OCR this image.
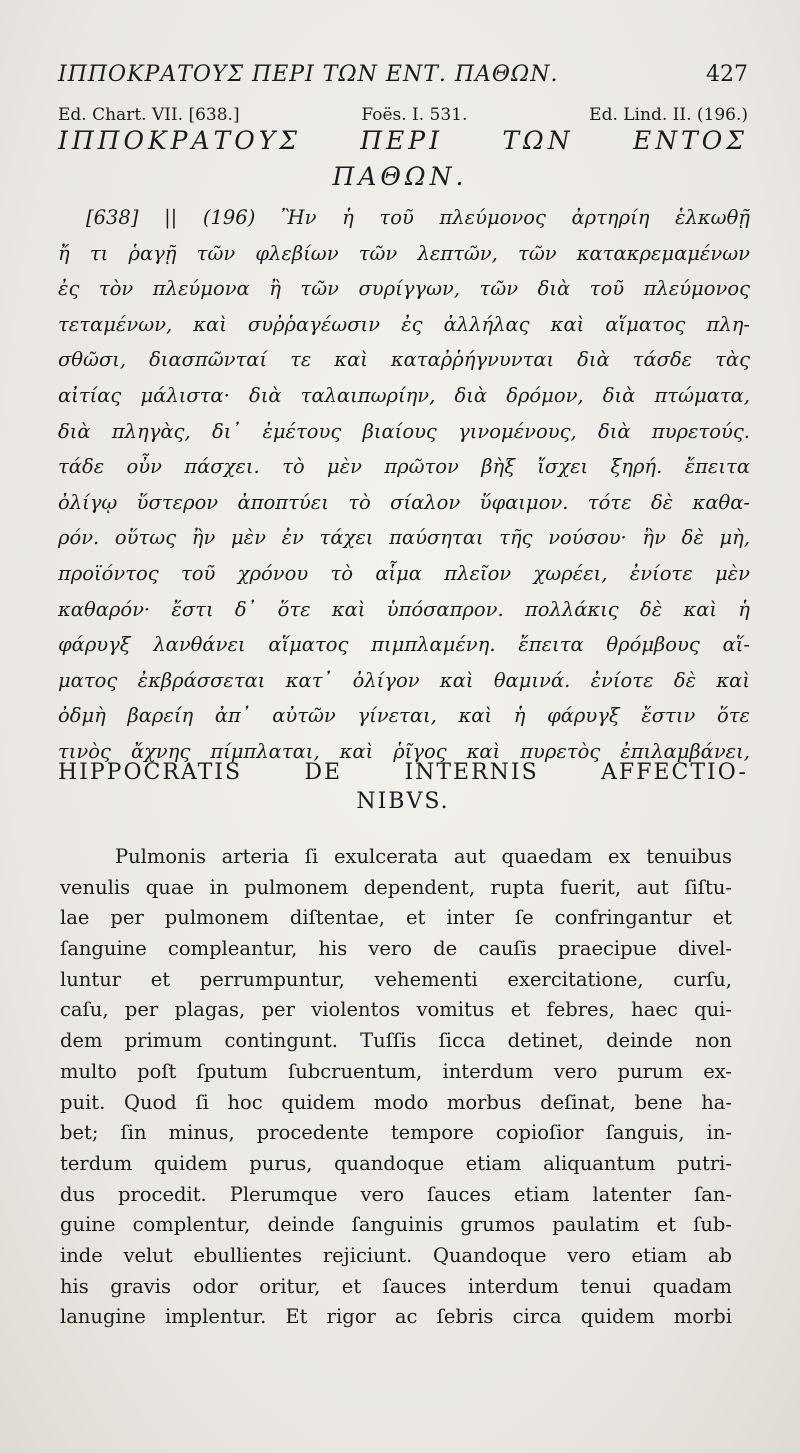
ΙΠΠΟΚΡΑΤΟΥΣ ΠΕΡΙ ΤΩΝ ΕΝΤ. ΠΑΘΩΝ.	427
Ed. Chart. VII. [638.]	Foës. I. 531.	Ed. Lind. II. (196.)
ΙΠΠΟΚΡΑΤΟΥΣ ΠΕΡΙ ΤΩΝ ΕΝΤΟΣ
ΠΑΘΩΝ.
[638] || (196) Ἢν ἡ τοῦ πλεύμονος ἀρτηρίη ἑλκωθῇ
ἤ τι ῥαγῇ τῶν φλεβίων τῶν λεπτῶν, τῶν κατακρεμαμένων
ἐς τὸν πλεύμονα ἢ τῶν συρίγγων, τῶν διὰ τοῦ πλεύμονος
τεταμένων, καὶ συῤῥαγέωσιν ἐς ἀλλήλας καὶ αἵματος πλη-
σθῶσι, διασπῶνταί τε καὶ καταῤῥήγνυνται διὰ τάσδε τὰς
αἰτίας μάλιστα· διὰ ταλαιπωρίην, διὰ δρόμον, διὰ πτώματα,
διὰ πληγὰς, δι᾽ ἐμέτους βιαίους γινομένους, διὰ πυρετούς.
τάδε οὖν πάσχει. τὸ μὲν πρῶτον βὴξ ἴσχει ξηρή. ἔπειτα
ὀλίγῳ ὕστερον ἀποπτύει τὸ σίαλον ὕφαιμον. τότε δὲ καθα-
ρόν. οὕτως ἢν μὲν ἐν τάχει παύσηται τῆς νούσου· ἢν δὲ μὴ,
προϊόντος τοῦ χρόνου τὸ αἷμα πλεῖον χωρέει, ἐνίοτε μὲν
καθαρόν· ἔστι δ᾽ ὅτε καὶ ὑπόσαπρον. πολλάκις δὲ καὶ ἡ
φάρυγξ λανθάνει αἵματος πιμπλαμένη. ἔπειτα θρόμβους αἵ-
ματος ἐκβράσσεται κατ᾽ ὀλίγον καὶ θαμινά. ἐνίοτε δὲ καὶ
ὀδμὴ βαρείη ἀπ᾽ αὐτῶν γίνεται, καὶ ἡ φάρυγξ ἔστιν ὅτε
τινὸς ἄχνης πίμπλαται, καὶ ῥῖγος καὶ πυρετὸς ἐπιλαμβάνει,
HIPPOCRATIS DE INTERNIS AFFECTIO-
NIBVS.
Pulmonis arteria ſi exulcerata aut quaedam ex tenuibus
venulis quae in pulmonem dependent, rupta fuerit, aut ſiſtu-
lae per pulmonem diſtentae, et inter ſe confringantur et
ſanguine compleantur, his vero de cauſis praecipue divel-
luntur et perrumpuntur, vehementi exercitatione, curſu,
caſu, per plagas, per violentos vomitus et febres, haec qui-
dem primum contingunt. Tuſſis ſicca detinet, deinde non
multo poſt ſputum ſubcruentum, interdum vero purum ex-
puit. Quod ſi hoc quidem modo morbus deſinat, bene ha-
bet; ſin minus, procedente tempore copioſior ſanguis, in-
terdum quidem purus, quandoque etiam aliquantum putri-
dus procedit. Plerumque vero ſauces etiam latenter ſan-
guine complentur, deinde ſanguinis grumos paulatim et ſub-
inde velut ebullientes rejiciunt. Quandoque vero etiam ab
his gravis odor oritur, et ſauces interdum tenui quadam
lanugine implentur. Et rigor ac ſebris circa quidem morbi
